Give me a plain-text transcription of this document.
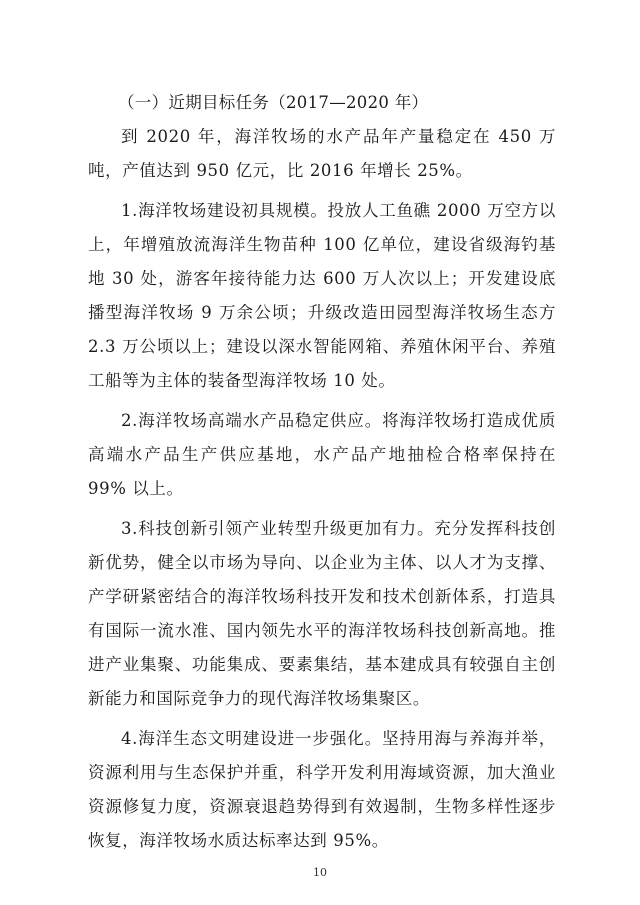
（一）近期目标任务（2017—2020 年）

到 2020 年，海洋牧场的水产品年产量稳定在 450 万吨，产值达到 950 亿元，比 2016 年增长 25%。

1.海洋牧场建设初具规模。投放人工鱼礁 2000 万空方以上，年增殖放流海洋生物苗种 100 亿单位，建设省级海钓基地 30 处，游客年接待能力达 600 万人次以上；开发建设底播型海洋牧场 9 万余公顷；升级改造田园型海洋牧场生态方 2.3 万公顷以上；建设以深水智能网箱、养殖休闲平台、养殖工船等为主体的装备型海洋牧场 10 处。

2.海洋牧场高端水产品稳定供应。将海洋牧场打造成优质高端水产品生产供应基地，水产品产地抽检合格率保持在 99% 以上。

3.科技创新引领产业转型升级更加有力。充分发挥科技创新优势，健全以市场为导向、以企业为主体、以人才为支撑、产学研紧密结合的海洋牧场科技开发和技术创新体系，打造具有国际一流水准、国内领先水平的海洋牧场科技创新高地。推进产业集聚、功能集成、要素集结，基本建成具有较强自主创新能力和国际竞争力的现代海洋牧场集聚区。

4.海洋生态文明建设进一步强化。坚持用海与养海并举，资源利用与生态保护并重，科学开发利用海域资源，加大渔业资源修复力度，资源衰退趋势得到有效遏制，生物多样性逐步恢复，海洋牧场水质达标率达到 95%。

10
